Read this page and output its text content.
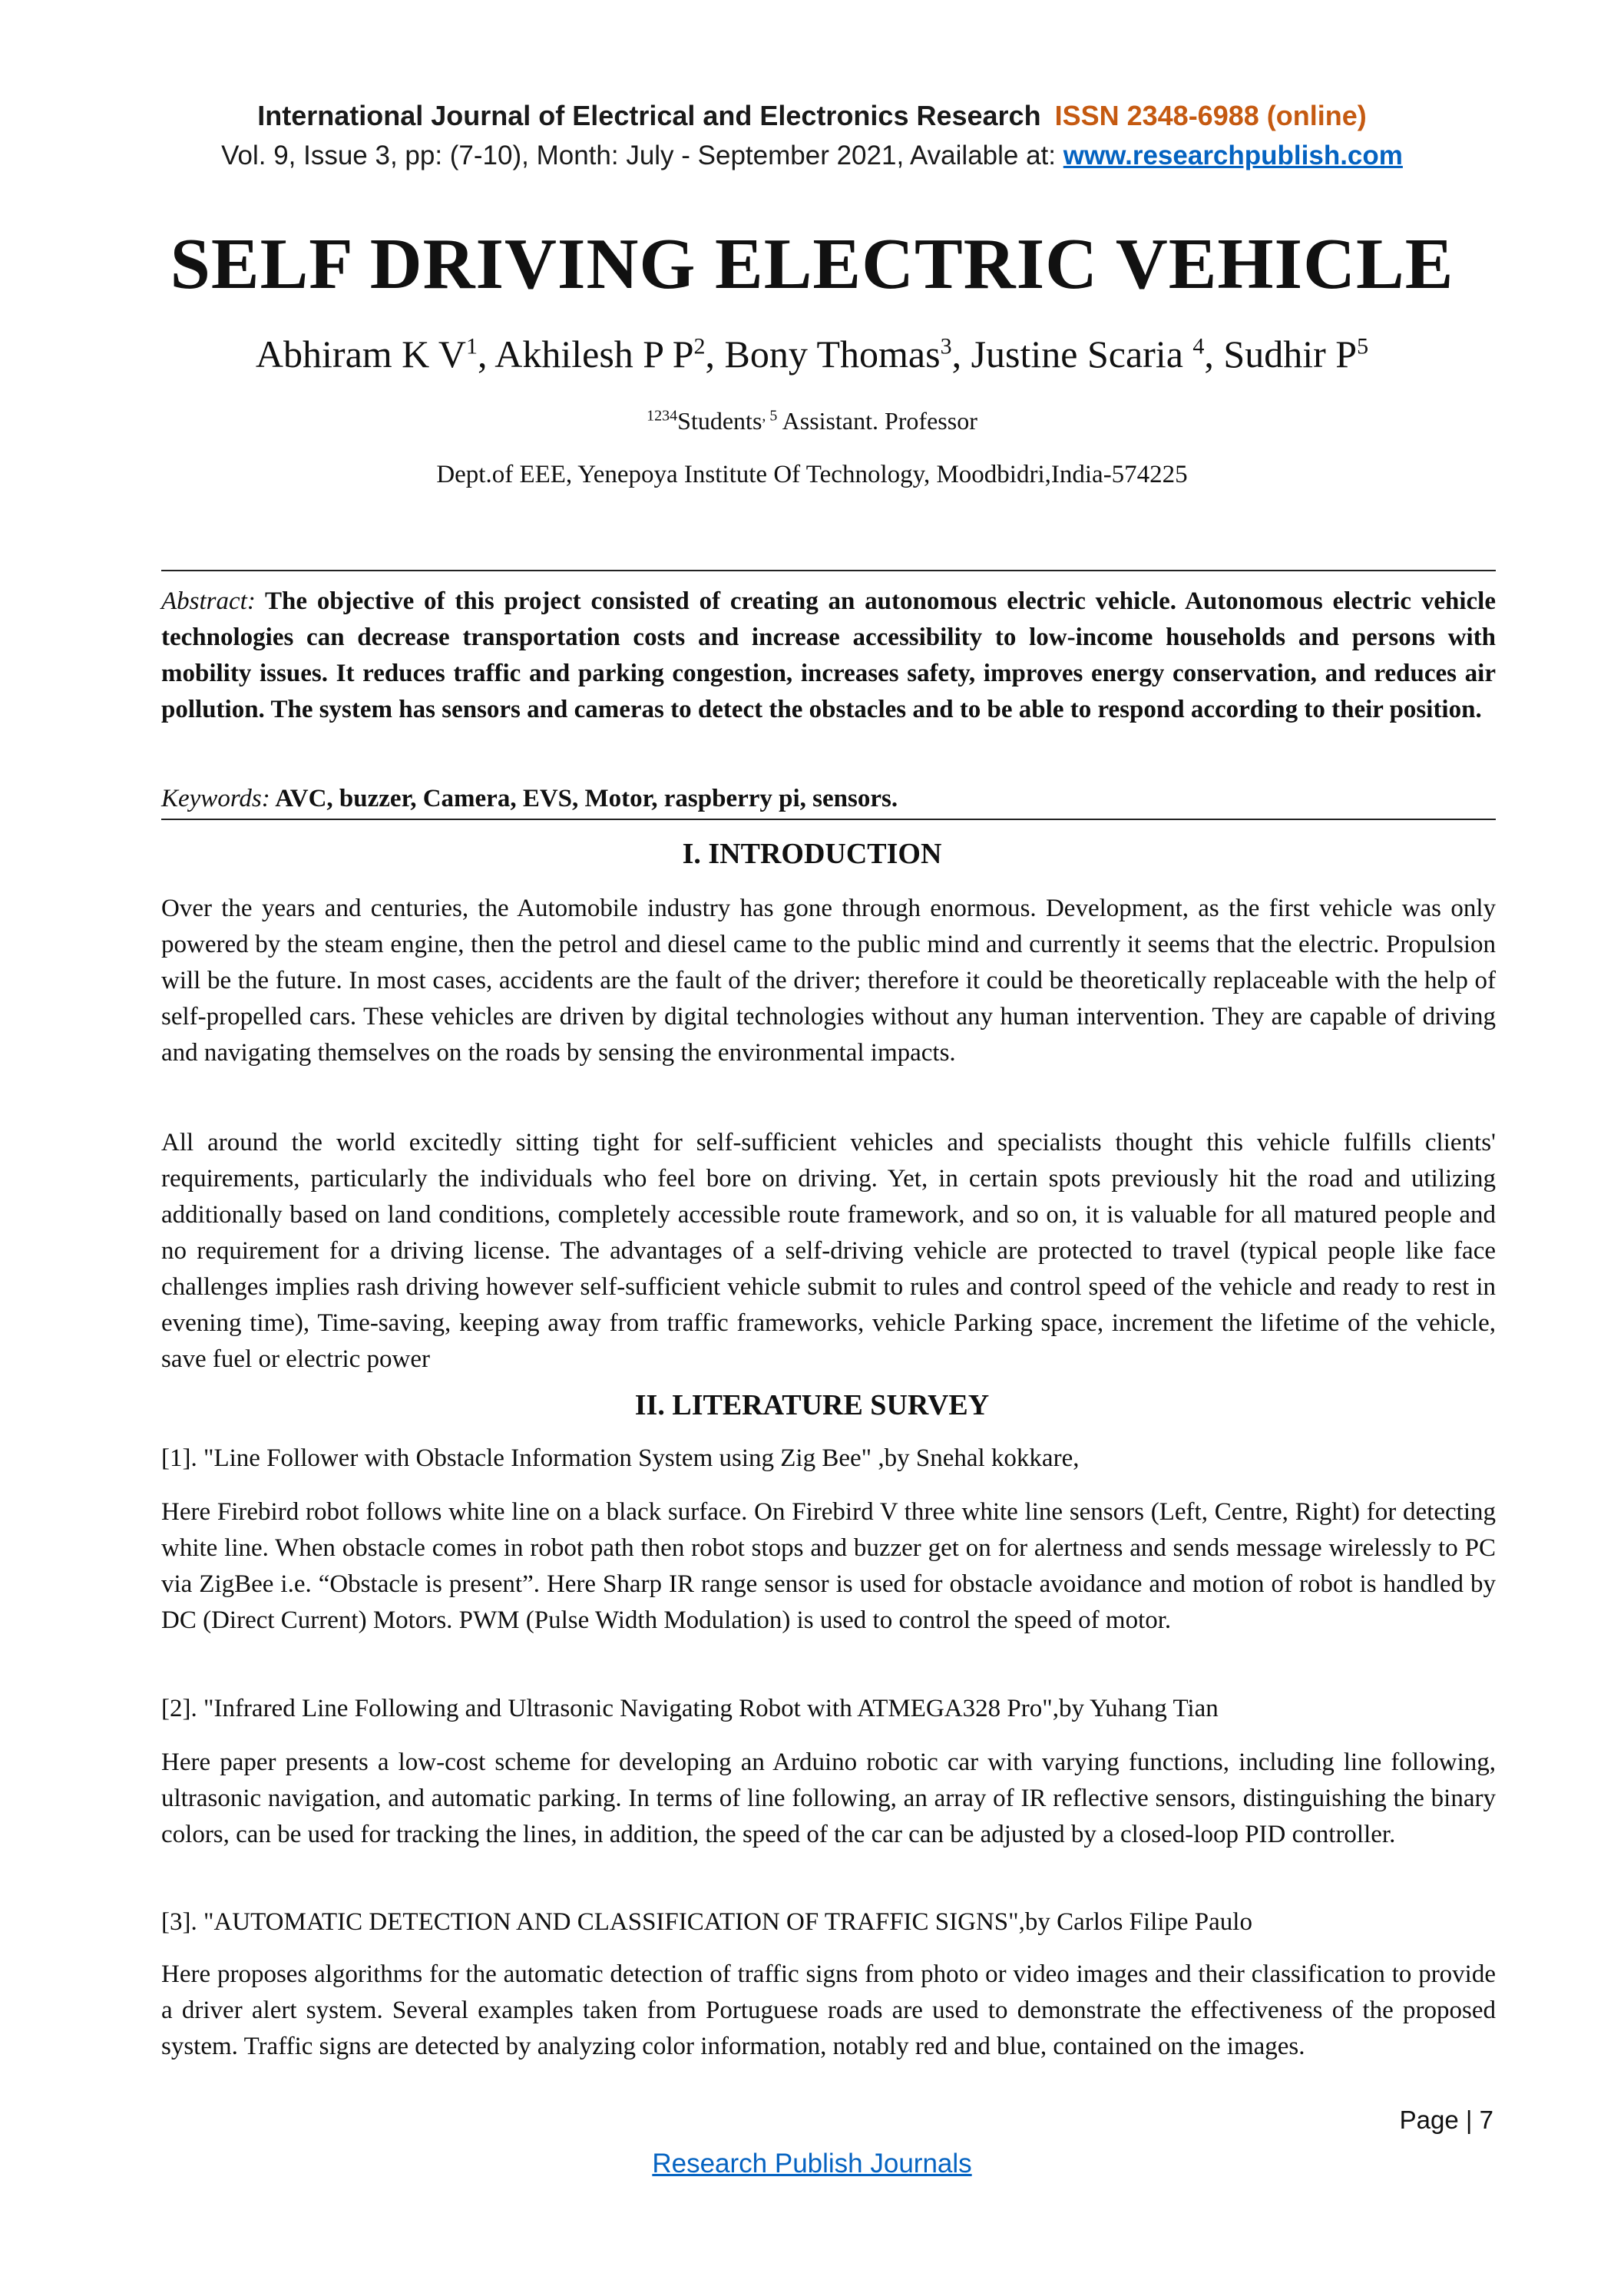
International Journal of Electrical and Electronics Research ISSN 2348-6988 (online)
Vol. 9, Issue 3, pp: (7-10), Month: July - September 2021, Available at: www.researchpublish.com
SELF DRIVING ELECTRIC VEHICLE
Abhiram K $V^1$, Akhilesh P $P^2$, Bony Thomas$^3$, Justine Scaria $^4$, Sudhir $P^5$
$^{1234}$Students$^{, 5}$ Assistant. Professor
Dept.of EEE, Yenepoya Institute Of Technology, Moodbidri,India-574225
Abstract: The objective of this project consisted of creating an autonomous electric vehicle. Autonomous electric vehicle technologies can decrease transportation costs and increase accessibility to low-income households and persons with mobility issues. It reduces traffic and parking congestion, increases safety, improves energy conservation, and reduces air pollution. The system has sensors and cameras to detect the obstacles and to be able to respond according to their position.
Keywords: AVC, buzzer, Camera, EVS, Motor, raspberry pi, sensors.
I. INTRODUCTION

Over the years and centuries, the Automobile industry has gone through enormous. Development, as the first vehicle was only powered by the steam engine, then the petrol and diesel came to the public mind and currently it seems that the electric. Propulsion will be the future. In most cases, accidents are the fault of the driver; therefore it could be theoretically replaceable with the help of self-propelled cars. These vehicles are driven by digital technologies without any human intervention. They are capable of driving and navigating themselves on the roads by sensing the environmental impacts.

All around the world excitedly sitting tight for self-sufficient vehicles and specialists thought this vehicle fulfills clients' requirements, particularly the individuals who feel bore on driving. Yet, in certain spots previously hit the road and utilizing additionally based on land conditions, completely accessible route framework, and so on, it is valuable for all matured people and no requirement for a driving license. The advantages of a self-driving vehicle are protected to travel (typical people like face challenges implies rash driving however self-sufficient vehicle submit to rules and control speed of the vehicle and ready to rest in evening time), Time-saving, keeping away from traffic frameworks, vehicle Parking space, increment the lifetime of the vehicle, save fuel or electric power

II. LITERATURE SURVEY

[1]. "Line Follower with Obstacle Information System using Zig Bee" ,by Snehal kokkare,

Here Firebird robot follows white line on a black surface. On Firebird V three white line sensors (Left, Centre, Right) for detecting white line. When obstacle comes in robot path then robot stops and buzzer get on for alertness and sends message wirelessly to PC via ZigBee i.e. “Obstacle is present”. Here Sharp IR range sensor is used for obstacle avoidance and motion of robot is handled by DC (Direct Current) Motors. PWM (Pulse Width Modulation) is used to control the speed of motor.

[2]. "Infrared Line Following and Ultrasonic Navigating Robot with ATMEGA328 Pro",by Yuhang Tian

Here paper presents a low-cost scheme for developing an Arduino robotic car with varying functions, including line following, ultrasonic navigation, and automatic parking. In terms of line following, an array of IR reflective sensors, distinguishing the binary colors, can be used for tracking the lines, in addition, the speed of the car can be adjusted by a closed-loop PID controller.

[3]. "AUTOMATIC DETECTION AND CLASSIFICATION OF TRAFFIC SIGNS",by Carlos Filipe Paulo

Here proposes algorithms for the automatic detection of traffic signs from photo or video images and their classification to provide a driver alert system. Several examples taken from Portuguese roads are used to demonstrate the effectiveness of the proposed system. Traffic signs are detected by analyzing color information, notably red and blue, contained on the images.

Page | 7
Research Publish Journals
